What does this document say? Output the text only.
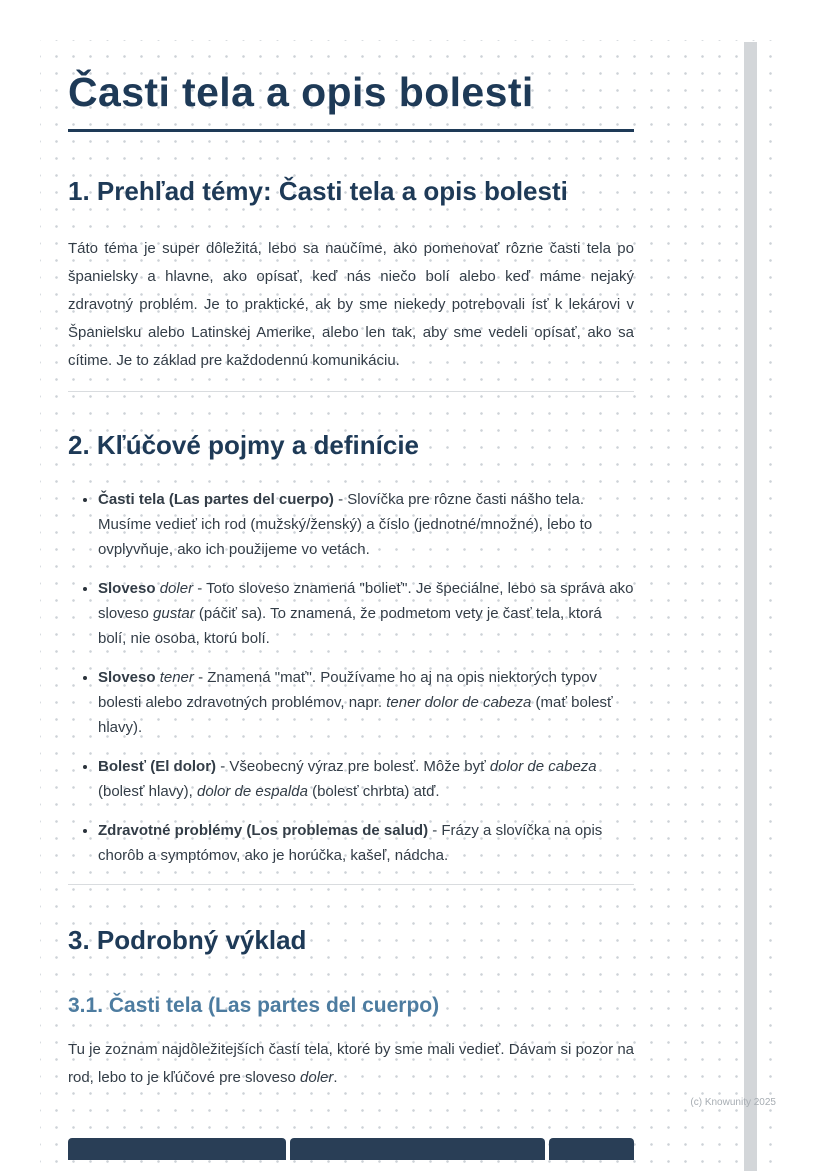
Časti tela a opis bolesti
1. Prehľad témy: Časti tela a opis bolesti

Táto téma je super dôležitá, lebo sa naučíme, ako pomenovať rôzne časti tela po španielsky a hlavne, ako opísať, keď nás niečo bolí alebo keď máme nejaký zdravotný problém. Je to praktické, ak by sme niekedy potrebovali ísť k lekárovi v Španielsku alebo Latinskej Amerike, alebo len tak, aby sme vedeli opísať, ako sa cítime. Je to základ pre každodennú komunikáciu.

2. Kľúčové pojmy a definície
• Časti tela (Las partes del cuerpo) - Slovíčka pre rôzne časti nášho tela. Musíme vedieť ich rod (mužský/ženský) a číslo (jednotné/množné), lebo to ovplyvňuje, ako ich použijeme vo vetách.
• Sloveso doler - Toto sloveso znamená "bolieť". Je špeciálne, lebo sa správa ako sloveso gustar (páčiť sa). To znamená, že podmetom vety je časť tela, ktorá bolí, nie osoba, ktorú bolí.
• Sloveso tener - Znamená "mať". Používame ho aj na opis niektorých typov bolesti alebo zdravotných problémov, napr. tener dolor de cabeza (mať bolesť hlavy).
• Bolesť (El dolor) - Všeobecný výraz pre bolesť. Môže byť dolor de cabeza (bolesť hlavy), dolor de espalda (bolesť chrbta) atď.
• Zdravotné problémy (Los problemas de salud) - Frázy a slovíčka na opis chorôb a symptómov, ako je horúčka, kašeľ, nádcha.
3. Podrobný výklad
3.1. Časti tela (Las partes del cuerpo)

Tu je zoznam najdôležitejších častí tela, ktoré by sme mali vedieť. Dávam si pozor na rod, lebo to je kľúčové pre sloveso doler.

(c) Knowunity 2025
